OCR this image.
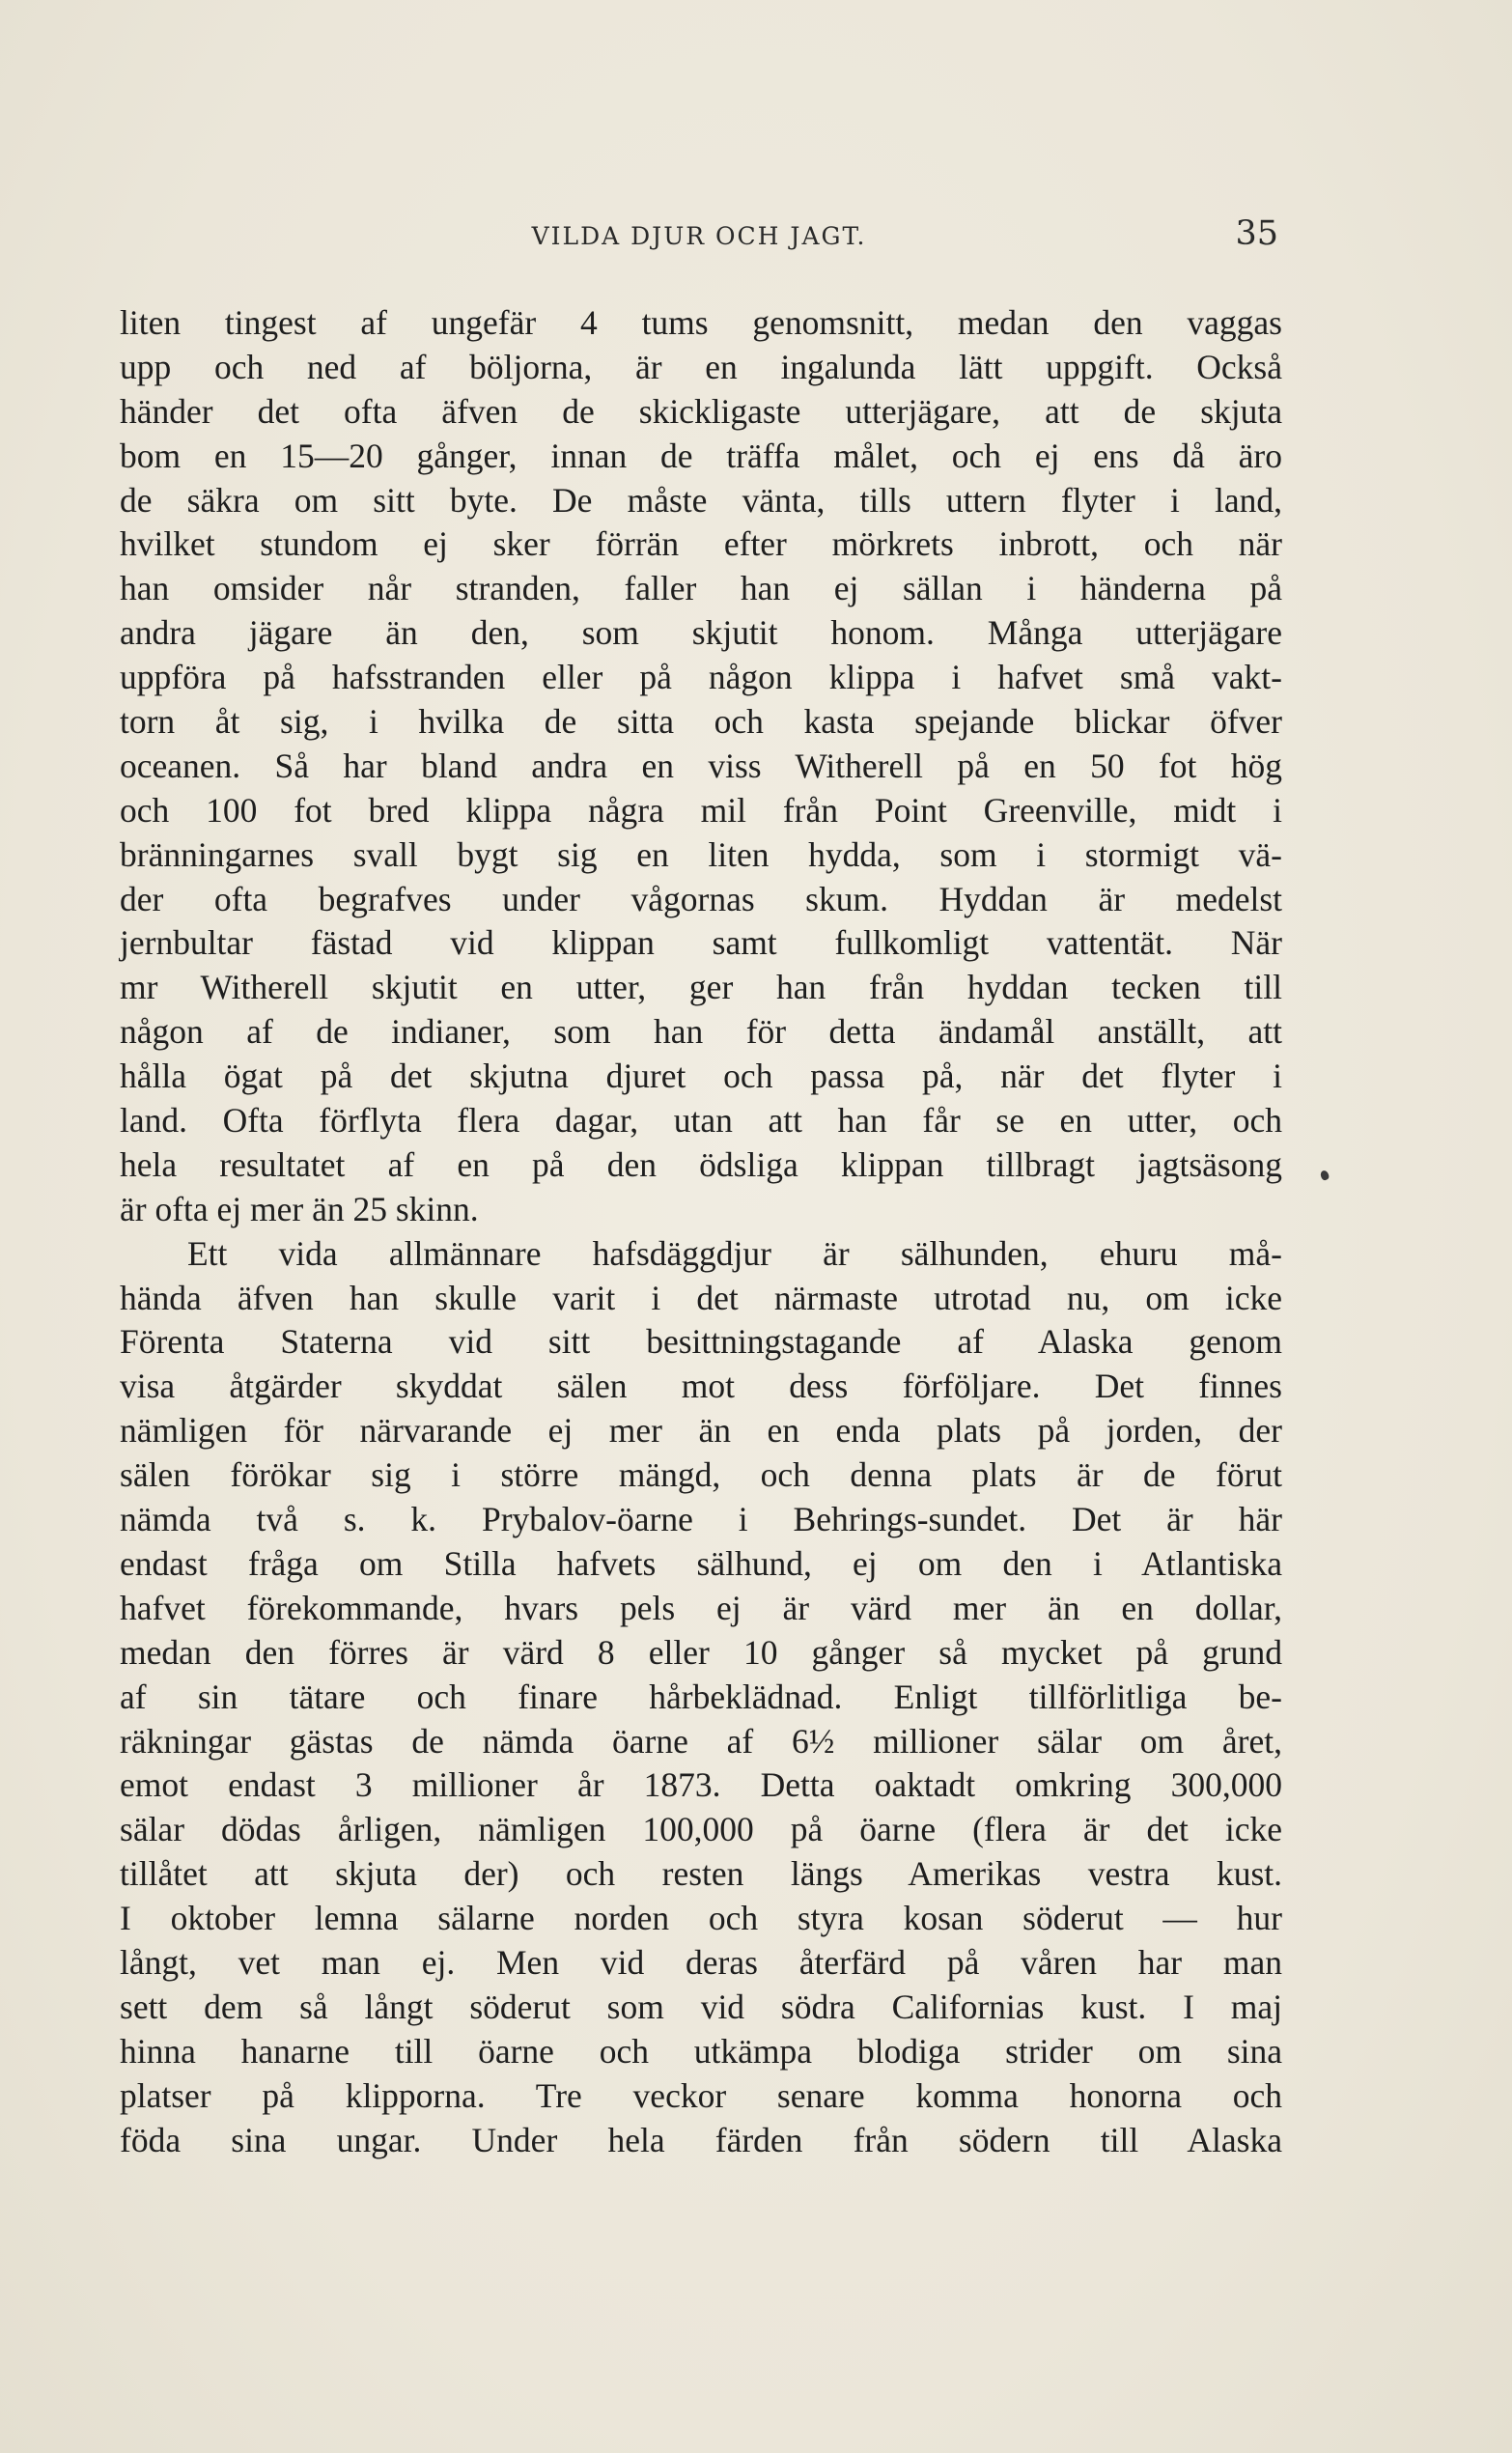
VILDA DJUR OCH JAGT.	35
liten tingest af ungefär 4 tums genomsnitt, medan den vaggas
upp och ned af böljorna, är en ingalunda lätt uppgift. Också
händer det ofta äfven de skickligaste utterjägare, att de skjuta
bom en 15—20 gånger, innan de träffa målet, och ej ens då äro
de säkra om sitt byte. De måste vänta, tills uttern flyter i land,
hvilket stundom ej sker förrän efter mörkrets inbrott, och när
han omsider når stranden, faller han ej sällan i händerna på
andra jägare än den, som skjutit honom. Många utterjägare
uppföra på hafsstranden eller på någon klippa i hafvet små vakt-
torn åt sig, i hvilka de sitta och kasta spejande blickar öfver
oceanen. Så har bland andra en viss Witherell på en 50 fot hög
och 100 fot bred klippa några mil från Point Greenville, midt i
bränningarnes svall bygt sig en liten hydda, som i stormigt vä-
der ofta begrafves under vågornas skum. Hyddan är medelst
jernbultar fästad vid klippan samt fullkomligt vattentät. När
mr Witherell skjutit en utter, ger han från hyddan tecken till
någon af de indianer, som han för detta ändamål anställt, att
hålla ögat på det skjutna djuret och passa på, när det flyter i
land. Ofta förflyta flera dagar, utan att han får se en utter, och
hela resultatet af en på den ödsliga klippan tillbragt jagtsäsong
är ofta ej mer än 25 skinn.
Ett vida allmännare hafsdäggdjur är sälhunden, ehuru må-
hända äfven han skulle varit i det närmaste utrotad nu, om icke
Förenta Staterna vid sitt besittningstagande af Alaska genom
visa åtgärder skyddat sälen mot dess förföljare. Det finnes
nämligen för närvarande ej mer än en enda plats på jorden, der
sälen förökar sig i större mängd, och denna plats är de förut
nämda två s. k. Prybalov-öarne i Behrings-sundet. Det är här
endast fråga om Stilla hafvets sälhund, ej om den i Atlantiska
hafvet förekommande, hvars pels ej är värd mer än en dollar,
medan den förres är värd 8 eller 10 gånger så mycket på grund
af sin tätare och finare hårbeklädnad. Enligt tillförlitliga be-
räkningar gästas de nämda öarne af 6½ millioner sälar om året,
emot endast 3 millioner år 1873. Detta oaktadt omkring 300,000
sälar dödas årligen, nämligen 100,000 på öarne (flera är det icke
tillåtet att skjuta der) och resten längs Amerikas vestra kust.
I oktober lemna sälarne norden och styra kosan söderut — hur
långt, vet man ej. Men vid deras återfärd på våren har man
sett dem så långt söderut som vid södra Californias kust. I maj
hinna hanarne till öarne och utkämpa blodiga strider om sina
platser på klipporna. Tre veckor senare komma honorna och
föda sina ungar. Under hela färden från södern till Alaska
